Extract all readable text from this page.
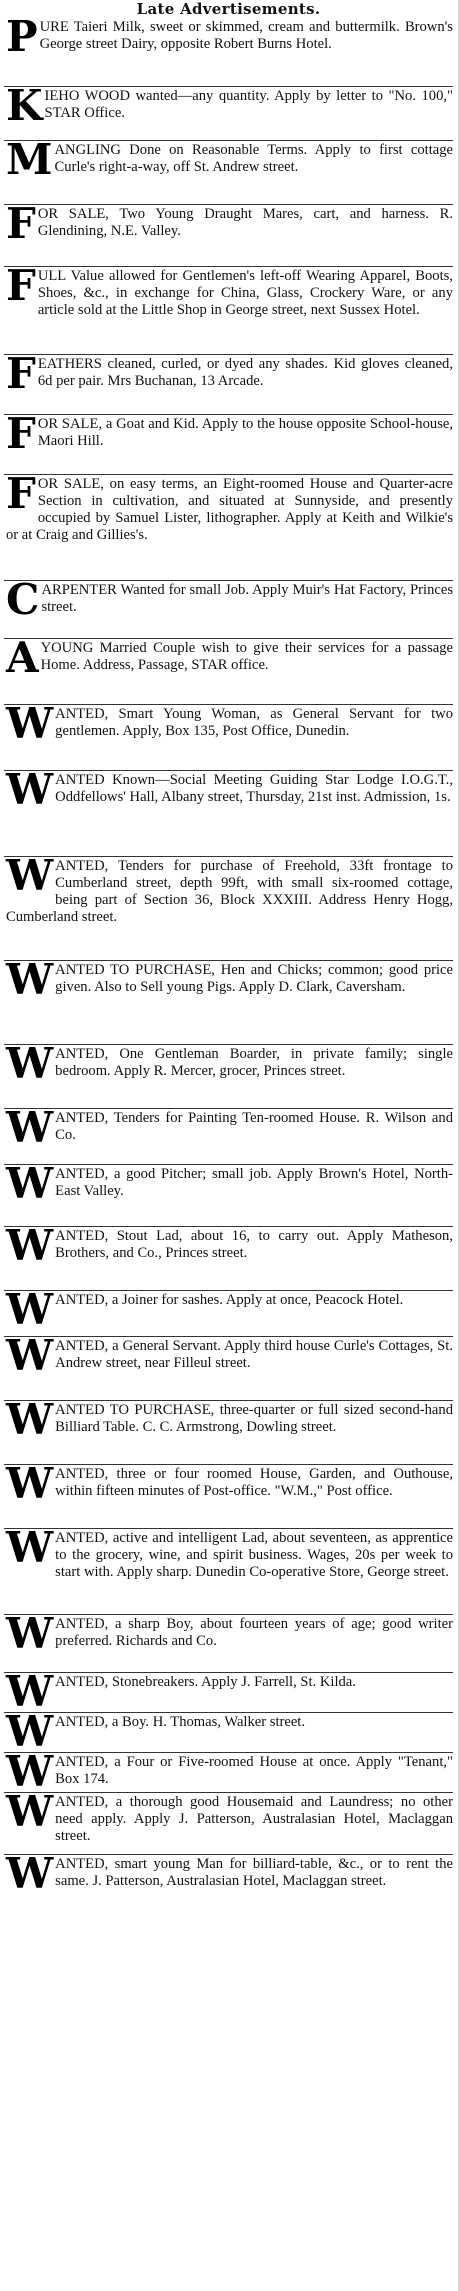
Late Advertisements.
P URE Taieri Milk, sweet or skimmed, cream and buttermilk. Brown's George street Dairy, opposite Robert Burns Hotel.
K IEHO WOOD wanted—any quantity. Apply by letter to "No. 100," STAR Office.
M ANGLING Done on Reasonable Terms. Apply to first cottage Curle's right-a-way, off St. Andrew street.
F OR SALE, Two Young Draught Mares, cart, and harness. R. Glendining, N.E. Valley.
F ULL Value allowed for Gentlemen's left-off Wearing Apparel, Boots, Shoes, &c., in exchange for China, Glass, Crockery Ware, or any article sold at the Little Shop in George street, next Sussex Hotel.
F EATHERS cleaned, curled, or dyed any shades. Kid gloves cleaned, 6d per pair. Mrs Buchanan, 13 Arcade.
F OR SALE, a Goat and Kid. Apply to the house opposite School-house, Maori Hill.
F OR SALE, on easy terms, an Eight-roomed House and Quarter-acre Section in cultivation, and situated at Sunnyside, and presently occupied by Samuel Lister, lithographer. Apply at Keith and Wilkie's or at Craig and Gillies's.
C ARPENTER Wanted for small Job. Apply Muir's Hat Factory, Princes street.
A YOUNG Married Couple wish to give their services for a passage Home. Address, Passage, STAR office.
W ANTED, Smart Young Woman, as General Servant for two gentlemen. Apply, Box 135, Post Office, Dunedin.
W ANTED Known—Social Meeting Guiding Star Lodge I.O.G.T., Oddfellows' Hall, Albany street, Thursday, 21st inst. Admission, 1s.
W ANTED, Tenders for purchase of Freehold, 33ft frontage to Cumberland street, depth 99ft, with small six-roomed cottage, being part of Section 36, Block XXXIII. Address Henry Hogg, Cumberland street.
W ANTED TO PURCHASE, Hen and Chicks; common; good price given. Also to Sell young Pigs. Apply D. Clark, Caversham.
W ANTED, One Gentleman Boarder, in private family; single bedroom. Apply R. Mercer, grocer, Princes street.
W ANTED, Tenders for Painting Ten-roomed House. R. Wilson and Co.
W ANTED, a good Pitcher; small job. Apply Brown's Hotel, North-East Valley.
W ANTED, Stout Lad, about 16, to carry out. Apply Matheson, Brothers, and Co., Princes street.
W ANTED, a Joiner for sashes. Apply at once, Peacock Hotel.
W ANTED, a General Servant. Apply third house Curle's Cottages, St. Andrew street, near Filleul street.
W ANTED TO PURCHASE, three-quarter or full sized second-hand Billiard Table. C. C. Armstrong, Dowling street.
W ANTED, three or four roomed House, Garden, and Outhouse, within fifteen minutes of Post-office. "W.M.," Post office.
W ANTED, active and intelligent Lad, about seventeen, as apprentice to the grocery, wine, and spirit business. Wages, 20s per week to start with. Apply sharp. Dunedin Co-operative Store, George street.
W ANTED, a sharp Boy, about fourteen years of age; good writer preferred. Richards and Co.
W ANTED, Stonebreakers. Apply J. Farrell, St. Kilda.
W ANTED, a Boy. H. Thomas, Walker street.
W ANTED, a Four or Five-roomed House at once. Apply "Tenant," Box 174.
W ANTED, a thorough good Housemaid and Laundress; no other need apply. Apply J. Patterson, Australasian Hotel, Maclaggan street.
W ANTED, smart young Man for billiard-table, &c., or to rent the same. J. Patterson, Australasian Hotel, Maclaggan street.
